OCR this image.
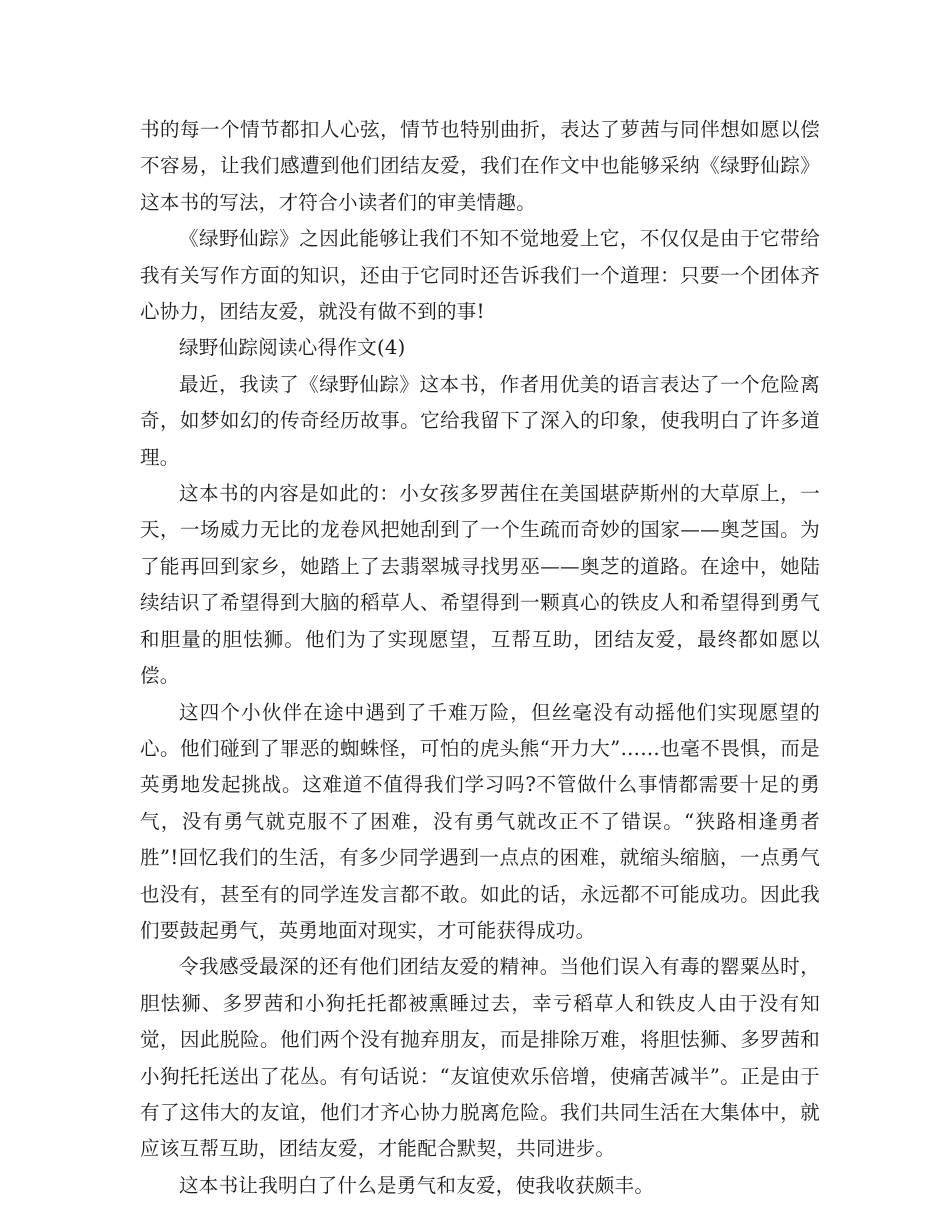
书的每一个情节都扣人心弦，情节也特别曲折，表达了萝茜与同伴想如愿以偿不容易，让我们感遭到他们团结友爱，我们在作文中也能够采纳《绿野仙踪》这本书的写法，才符合小读者们的审美情趣。

《绿野仙踪》之因此能够让我们不知不觉地爱上它，不仅仅是由于它带给我有关写作方面的知识，还由于它同时还告诉我们一个道理：只要一个团体齐心协力，团结友爱，就没有做不到的事!

绿野仙踪阅读心得作文(4)

最近，我读了《绿野仙踪》这本书，作者用优美的语言表达了一个危险离奇，如梦如幻的传奇经历故事。它给我留下了深入的印象，使我明白了许多道理。

这本书的内容是如此的：小女孩多罗茜住在美国堪萨斯州的大草原上，一天，一场威力无比的龙卷风把她刮到了一个生疏而奇妙的国家——奥芝国。为了能再回到家乡，她踏上了去翡翠城寻找男巫——奥芝的道路。在途中，她陆续结识了希望得到大脑的稻草人、希望得到一颗真心的铁皮人和希望得到勇气和胆量的胆怯狮。他们为了实现愿望，互帮互助，团结友爱，最终都如愿以偿。

这四个小伙伴在途中遇到了千难万险，但丝毫没有动摇他们实现愿望的心。他们碰到了罪恶的蜘蛛怪，可怕的虎头熊“开力大”……也毫不畏惧，而是英勇地发起挑战。这难道不值得我们学习吗?不管做什么事情都需要十足的勇气，没有勇气就克服不了困难，没有勇气就改正不了错误。“狭路相逢勇者胜”!回忆我们的生活，有多少同学遇到一点点的困难，就缩头缩脑，一点勇气也没有，甚至有的同学连发言都不敢。如此的话，永远都不可能成功。因此我们要鼓起勇气，英勇地面对现实，才可能获得成功。

令我感受最深的还有他们团结友爱的精神。当他们误入有毒的罂粟丛时，胆怯狮、多罗茜和小狗托托都被熏睡过去，幸亏稻草人和铁皮人由于没有知觉，因此脱险。他们两个没有抛弃朋友，而是排除万难，将胆怯狮、多罗茜和小狗托托送出了花丛。有句话说：“友谊使欢乐倍增，使痛苦减半”。正是由于有了这伟大的友谊，他们才齐心协力脱离危险。我们共同生活在大集体中，就应该互帮互助，团结友爱，才能配合默契，共同进步。

这本书让我明白了什么是勇气和友爱，使我收获颇丰。
